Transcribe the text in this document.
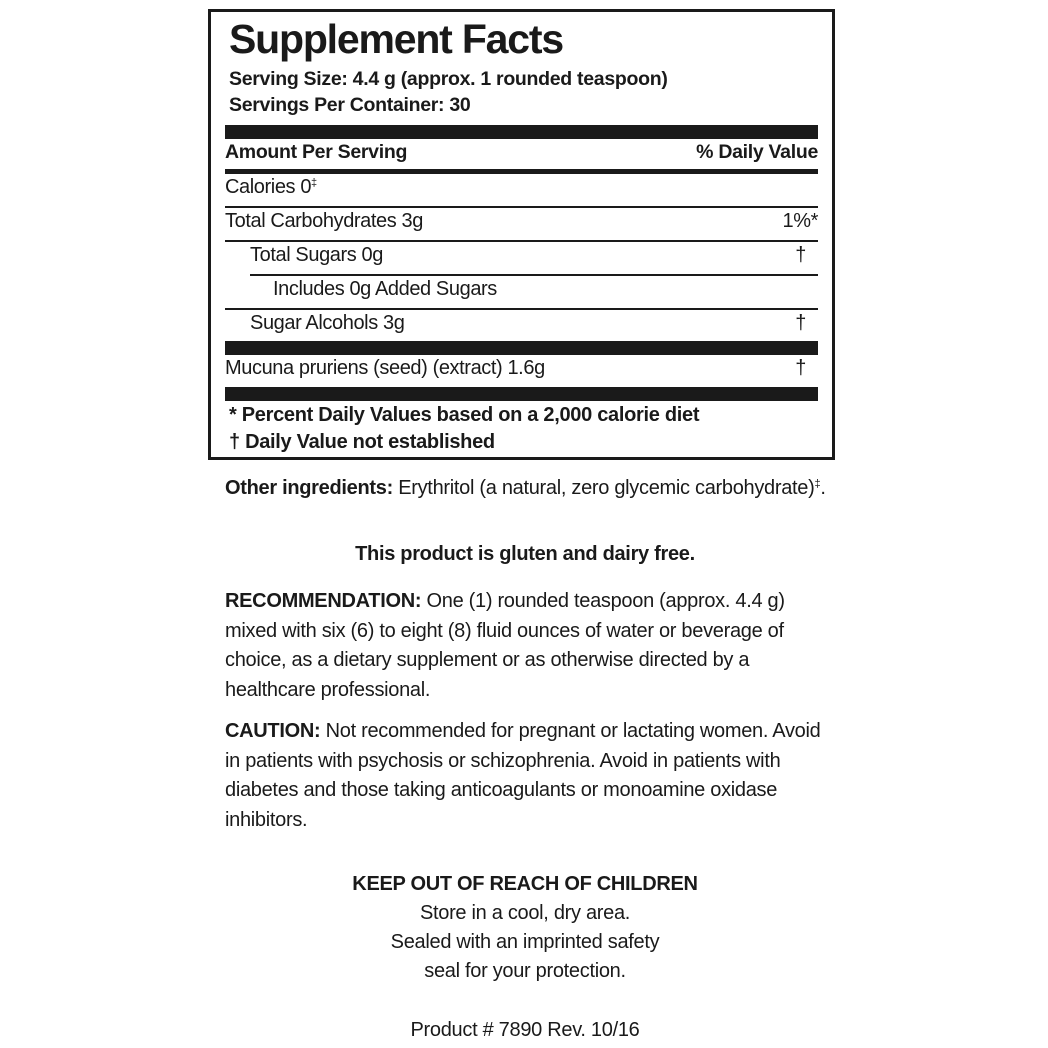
Supplement Facts
Serving Size: 4.4 g (approx. 1 rounded teaspoon)
Servings Per Container: 30
Amount Per Serving	% Daily Value
Calories 0‡
Total Carbohydrates 3g	1%*
Total Sugars 0g	†
Includes 0g Added Sugars
Sugar Alcohols 3g	†
Mucuna pruriens (seed) (extract) 1.6g	†
* Percent Daily Values based on a 2,000 calorie diet
† Daily Value not established
Other ingredients: Erythritol (a natural, zero glycemic carbohydrate)‡.
This product is gluten and dairy free.
RECOMMENDATION: One (1) rounded teaspoon (approx. 4.4 g) mixed with six (6) to eight (8) fluid ounces of water or beverage of choice, as a dietary supplement or as otherwise directed by a healthcare professional.
CAUTION: Not recommended for pregnant or lactating women. Avoid in patients with psychosis or schizophrenia. Avoid in patients with diabetes and those taking anticoagulants or monoamine oxidase inhibitors.
KEEP OUT OF REACH OF CHILDREN
Store in a cool, dry area.
Sealed with an imprinted safety
seal for your protection.
Product # 7890 Rev. 10/16
